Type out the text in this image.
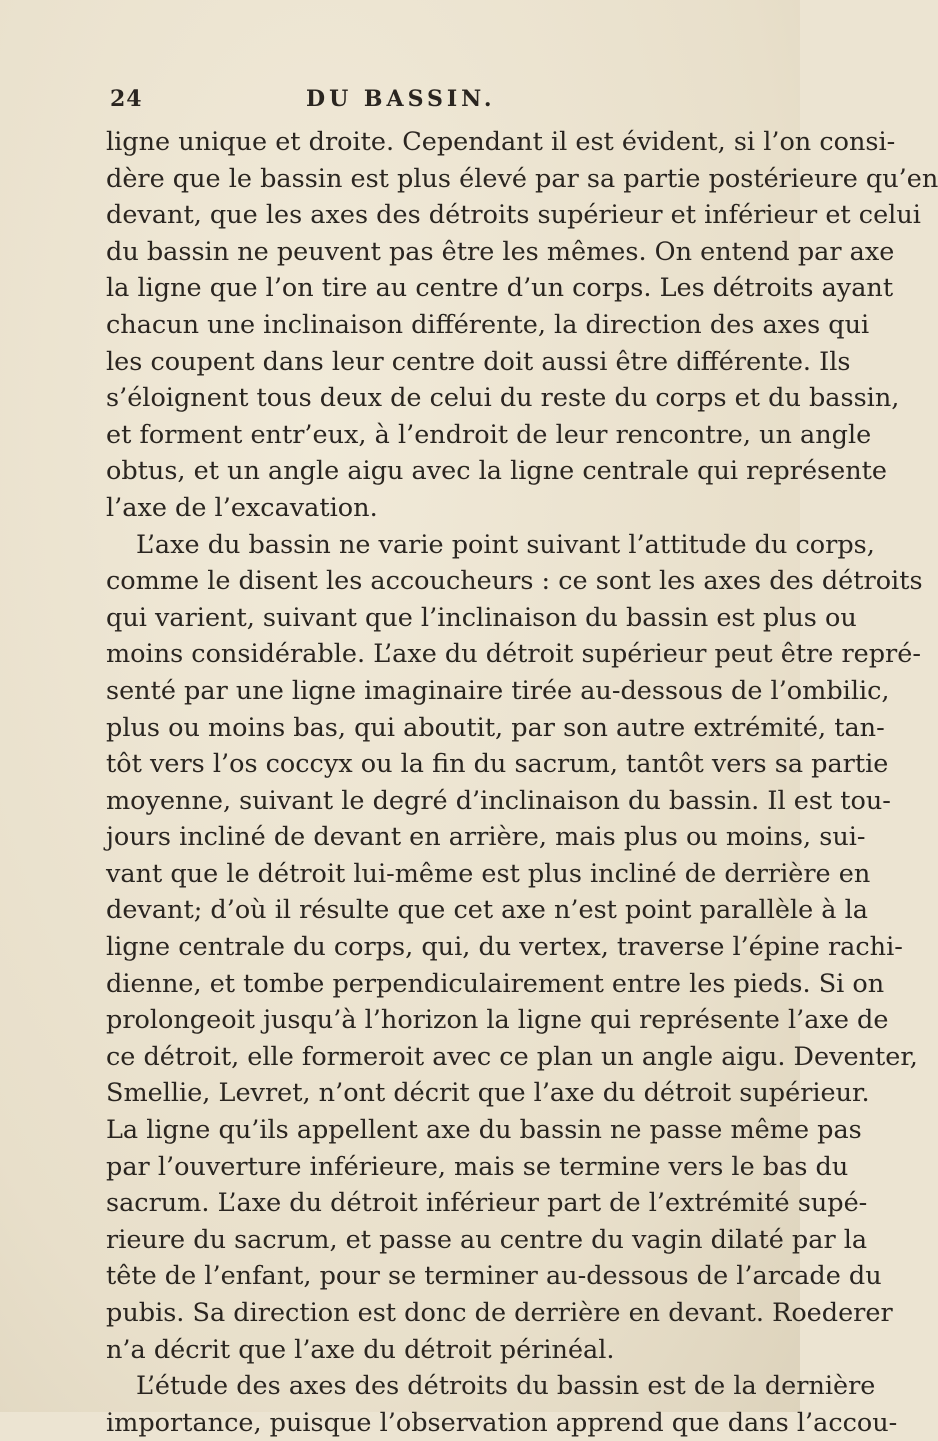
24	DU BASSIN.
ligne unique et droite. Cependant il est évident, si l’on consi-
dère que le bassin est plus élevé par sa partie postérieure qu’en
devant, que les axes des détroits supérieur et inférieur et celui
du bassin ne peuvent pas être les mêmes. On entend par axe
la ligne que l’on tire au centre d’un corps. Les détroits ayant
chacun une inclinaison différente, la direction des axes qui
les coupent dans leur centre doit aussi être différente. Ils
s’éloignent tous deux de celui du reste du corps et du bassin,
et forment entr’eux, à l’endroit de leur rencontre, un angle
obtus, et un angle aigu avec la ligne centrale qui représente
l’axe de l’excavation.
L’axe du bassin ne varie point suivant l’attitude du corps,
comme le disent les accoucheurs : ce sont les axes des détroits
qui varient, suivant que l’inclinaison du bassin est plus ou
moins considérable. L’axe du détroit supérieur peut être repré-
senté par une ligne imaginaire tirée au-dessous de l’ombilic,
plus ou moins bas, qui aboutit, par son autre extrémité, tan-
tôt vers l’os coccyx ou la fin du sacrum, tantôt vers sa partie
moyenne, suivant le degré d’inclinaison du bassin. Il est tou-
jours incliné de devant en arrière, mais plus ou moins, sui-
vant que le détroit lui-même est plus incliné de derrière en
devant; d’où il résulte que cet axe n’est point parallèle à la
ligne centrale du corps, qui, du vertex, traverse l’épine rachi-
dienne, et tombe perpendiculairement entre les pieds. Si on
prolongeoit jusqu’à l’horizon la ligne qui représente l’axe de
ce détroit, elle formeroit avec ce plan un angle aigu. Deventer,
Smellie, Levret, n’ont décrit que l’axe du détroit supérieur.
La ligne qu’ils appellent axe du bassin ne passe même pas
par l’ouverture inférieure, mais se termine vers le bas du
sacrum. L’axe du détroit inférieur part de l’extrémité supé-
rieure du sacrum, et passe au centre du vagin dilaté par la
tête de l’enfant, pour se terminer au-dessous de l’arcade du
pubis. Sa direction est donc de derrière en devant. Roederer
n’a décrit que l’axe du détroit périnéal.
L’étude des axes des détroits du bassin est de la dernière
importance, puisque l’observation apprend que dans l’accou-
